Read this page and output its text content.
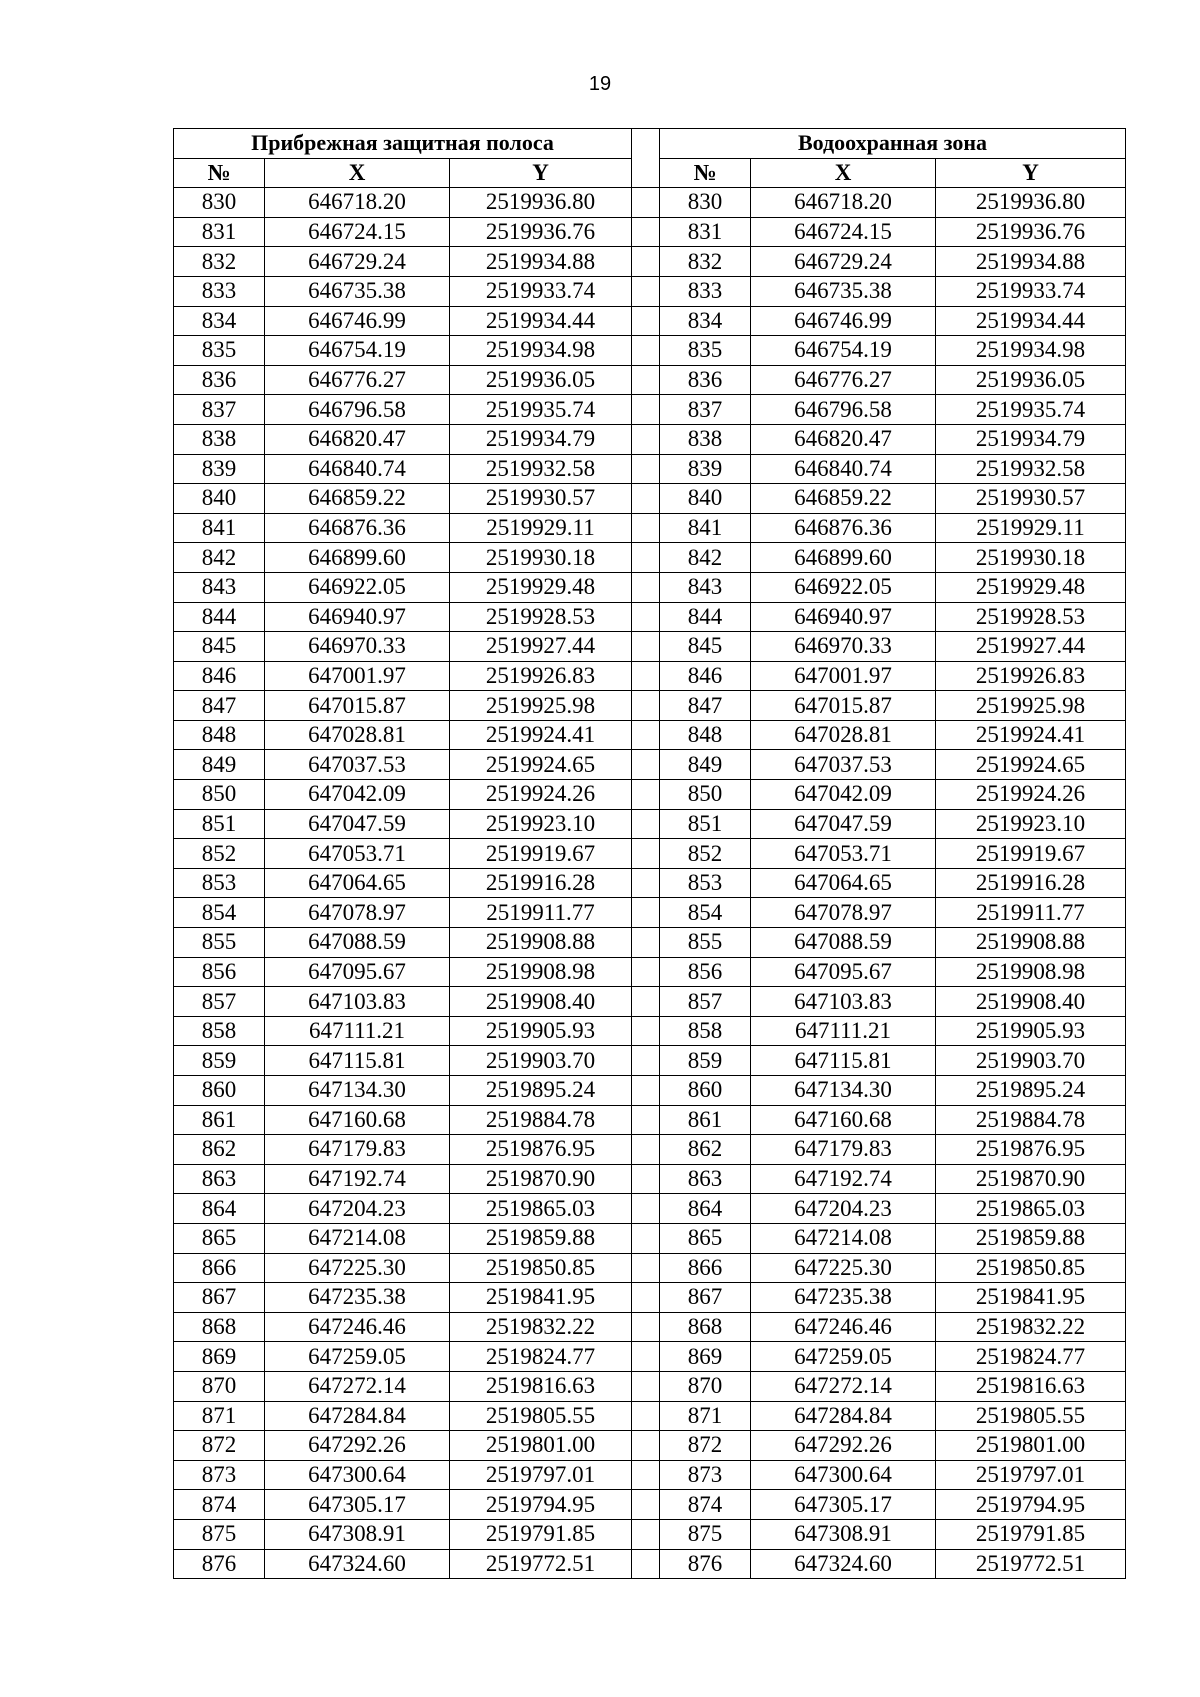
19
Прибрежная защитная полоса				Водоохранная зона		
№	X	Y		№	X	Y
830	646718.20	2519936.80		830	646718.20	2519936.80
831	646724.15	2519936.76		831	646724.15	2519936.76
832	646729.24	2519934.88		832	646729.24	2519934.88
833	646735.38	2519933.74		833	646735.38	2519933.74
834	646746.99	2519934.44		834	646746.99	2519934.44
835	646754.19	2519934.98		835	646754.19	2519934.98
836	646776.27	2519936.05		836	646776.27	2519936.05
837	646796.58	2519935.74		837	646796.58	2519935.74
838	646820.47	2519934.79		838	646820.47	2519934.79
839	646840.74	2519932.58		839	646840.74	2519932.58
840	646859.22	2519930.57		840	646859.22	2519930.57
841	646876.36	2519929.11		841	646876.36	2519929.11
842	646899.60	2519930.18		842	646899.60	2519930.18
843	646922.05	2519929.48		843	646922.05	2519929.48
844	646940.97	2519928.53		844	646940.97	2519928.53
845	646970.33	2519927.44		845	646970.33	2519927.44
846	647001.97	2519926.83		846	647001.97	2519926.83
847	647015.87	2519925.98		847	647015.87	2519925.98
848	647028.81	2519924.41		848	647028.81	2519924.41
849	647037.53	2519924.65		849	647037.53	2519924.65
850	647042.09	2519924.26		850	647042.09	2519924.26
851	647047.59	2519923.10		851	647047.59	2519923.10
852	647053.71	2519919.67		852	647053.71	2519919.67
853	647064.65	2519916.28		853	647064.65	2519916.28
854	647078.97	2519911.77		854	647078.97	2519911.77
855	647088.59	2519908.88		855	647088.59	2519908.88
856	647095.67	2519908.98		856	647095.67	2519908.98
857	647103.83	2519908.40		857	647103.83	2519908.40
858	647111.21	2519905.93		858	647111.21	2519905.93
859	647115.81	2519903.70		859	647115.81	2519903.70
860	647134.30	2519895.24		860	647134.30	2519895.24
861	647160.68	2519884.78		861	647160.68	2519884.78
862	647179.83	2519876.95		862	647179.83	2519876.95
863	647192.74	2519870.90		863	647192.74	2519870.90
864	647204.23	2519865.03		864	647204.23	2519865.03
865	647214.08	2519859.88		865	647214.08	2519859.88
866	647225.30	2519850.85		866	647225.30	2519850.85
867	647235.38	2519841.95		867	647235.38	2519841.95
868	647246.46	2519832.22		868	647246.46	2519832.22
869	647259.05	2519824.77		869	647259.05	2519824.77
870	647272.14	2519816.63		870	647272.14	2519816.63
871	647284.84	2519805.55		871	647284.84	2519805.55
872	647292.26	2519801.00		872	647292.26	2519801.00
873	647300.64	2519797.01		873	647300.64	2519797.01
874	647305.17	2519794.95		874	647305.17	2519794.95
875	647308.91	2519791.85		875	647308.91	2519791.85
876	647324.60	2519772.51		876	647324.60	2519772.51
